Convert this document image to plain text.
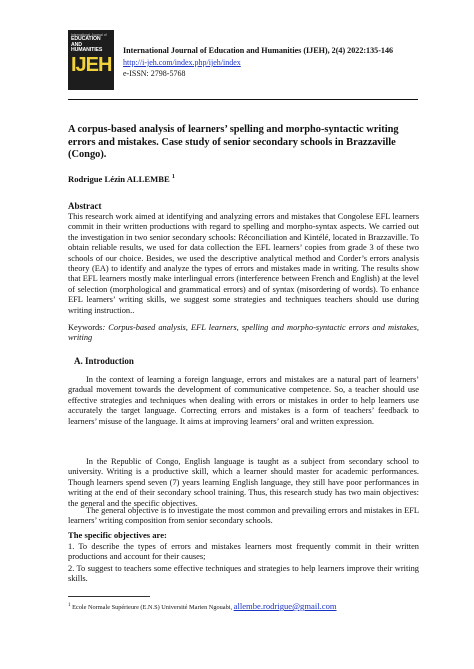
International Journal of
EDUCATION AND
HUMANITIES
IJEH
International Journal of Education and Humanities (IJEH), 2(4) 2022:135-146
http://i-jeh.com/index.php/ijeh/index
e-ISSN: 2798-5768
A corpus-based analysis of learners’ spelling and morpho-syntactic writing errors and mistakes. Case study of senior secondary schools in Brazzaville (Congo).
Rodrigue Lézin ALLEMBE $^1$
Abstract
This research work aimed at identifying and analyzing errors and mistakes that Congolese EFL learners commit in their written productions with regard to spelling and morpho-syntax aspects. We carried out the investigation in two senior secondary schools: Réconciliation and Kintélé, located in Brazzaville. To obtain reliable results, we used for data collection the EFL learners’ copies from grade 3 of these two schools of our choice. Besides, we used the descriptive analytical method and Corder’s errors analysis theory (EA) to identify and analyze the types of errors and mistakes made in writing. The results show that EFL learners mostly make interlingual errors (interference between French and English) at the level of selection (morphological and grammatical errors) and of syntax (misordering of words). To enhance EFL learners’ writing skills, we suggest some strategies and techniques teachers should use during writing instruction..
Keywords: Corpus-based analysis, EFL learners, spelling and morpho-syntactic errors and mistakes, writing
A. Introduction
In the context of learning a foreign language, errors and mistakes are a natural part of learners’ gradual movement towards the development of communicative competence. So, a teacher should use effective strategies and techniques when dealing with errors or mistakes in order to help learners use accurately the target language. Correcting errors and mistakes is a form of teachers’ feedback to learners’ misuse of the language. It aims at improving learners’ oral and written expression.
In the Republic of Congo, English language is taught as a subject from secondary school to university. Writing is a productive skill, which a learner should master for academic performances. Though learners spend seven (7) years learning English language, they still have poor performances in writing at the end of their secondary school training. Thus, this research study has two main objectives: the general and the specific objectives.
The general objective is to investigate the most common and prevailing errors and mistakes in EFL learners’ writing composition from senior secondary schools.
The specific objectives are:
1. To describe the types of errors and mistakes learners most frequently commit in their written productions and account for their causes;
2. To suggest to teachers some effective techniques and strategies to help learners improve their writing skills.
$^1$ Ecole Normale Supérieure (E.N.S) Université Marien Ngouabi, allembe.rodrigue@gmail.com
